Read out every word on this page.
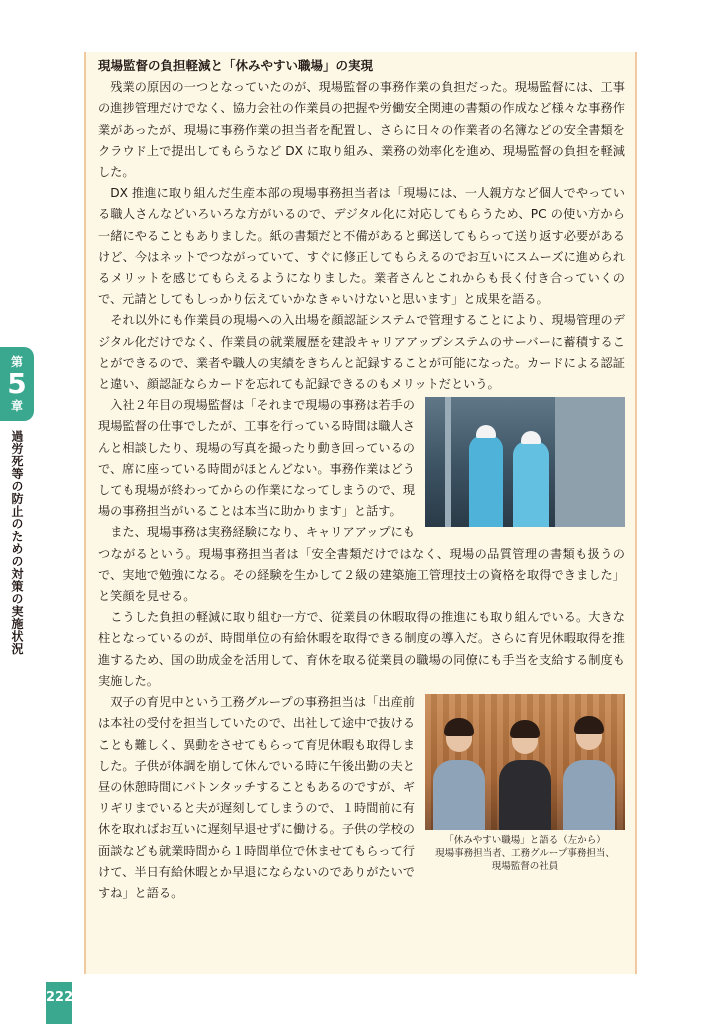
第
5
章
過労死等の防止のための対策の実施状況
現場監督の負担軽減と「休みやすい職場」の実現

残業の原因の一つとなっていたのが、現場監督の事務作業の負担だった。現場監督には、工事の進捗管理だけでなく、協力会社の作業員の把握や労働安全関連の書類の作成など様々な事務作業があったが、現場に事務作業の担当者を配置し、さらに日々の作業者の名簿などの安全書類をクラウド上で提出してもらうなど DX に取り組み、業務の効率化を進め、現場監督の負担を軽減した。

DX 推進に取り組んだ生産本部の現場事務担当者は「現場には、一人親方など個人でやっている職人さんなどいろいろな方がいるので、デジタル化に対応してもらうため、PC の使い方から一緒にやることもありました。紙の書類だと不備があると郵送してもらって送り返す必要があるけど、今はネットでつながっていて、すぐに修正してもらえるのでお互いにスムーズに進められるメリットを感じてもらえるようになりました。業者さんとこれからも長く付き合っていくので、元請としてもしっかり伝えていかなきゃいけないと思います」と成果を語る。

それ以外にも作業員の現場への入出場を顔認証システムで管理することにより、現場管理のデジタル化だけでなく、作業員の就業履歴を建設キャリアアップシステムのサーバーに蓄積することができるので、業者や職人の実績をきちんと記録することが可能になった。カードによる認証と違い、顔認証ならカードを忘れても記録できるのもメリットだという。

入社２年目の現場監督は「それまで現場の事務は若手の現場監督の仕事でしたが、工事を行っている時間は職人さんと相談したり、現場の写真を撮ったり動き回っているので、席に座っている時間がほとんどない。事務作業はどうしても現場が終わってからの作業になってしまうので、現場の事務担当がいることは本当に助かります」と話す。

また、現場事務は実務経験になり、キャリアアップにもつながるという。現場事務担当者は「安全書類だけではなく、現場の品質管理の書類も扱うので、実地で勉強になる。その経験を生かして２級の建築施工管理技士の資格を取得できました」と笑顔を見せる。

こうした負担の軽減に取り組む一方で、従業員の休暇取得の推進にも取り組んでいる。大きな柱となっているのが、時間単位の有給休暇を取得できる制度の導入だ。さらに育児休暇取得を推進するため、国の助成金を活用して、育休を取る従業員の職場の同僚にも手当を支給する制度も実施した。

「休みやすい職場」と語る（左から）
現場事務担当者、工務グループ事務担当、
現場監督の社員

双子の育児中という工務グループの事務担当は「出産前は本社の受付を担当していたので、出社して途中で抜けることも難しく、異動をさせてもらって育児休暇も取得しました。子供が体調を崩して休んでいる時に午後出勤の夫と昼の休憩時間にバトンタッチすることもあるのですが、ギリギリまでいると夫が遅刻してしまうので、１時間前に有休を取ればお互いに遅刻早退せずに働ける。子供の学校の面談なども就業時間から１時間単位で休ませてもらって行けて、半日有給休暇とか早退にならないのでありがたいですね」と語る。

222
